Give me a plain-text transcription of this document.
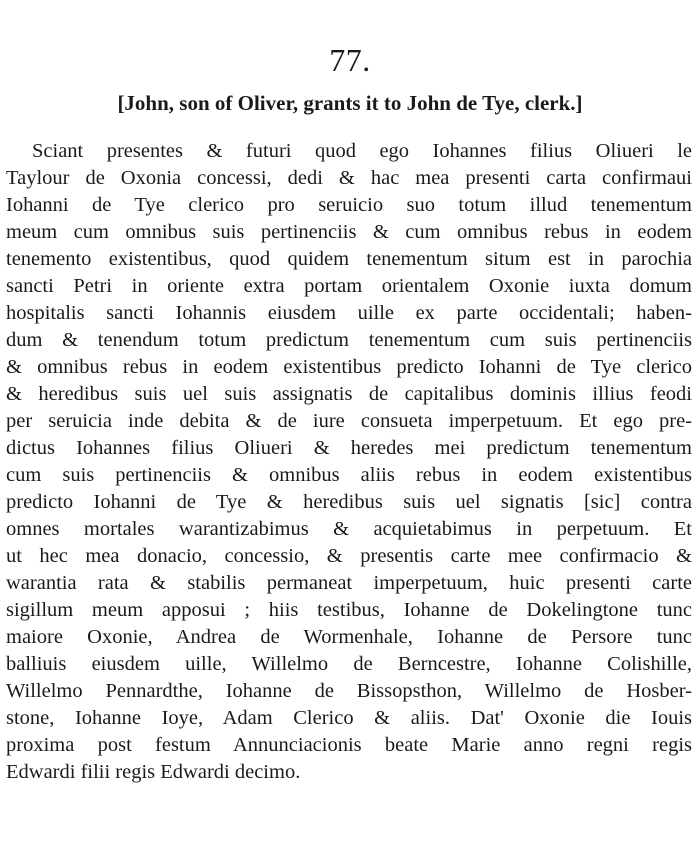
77.
[John, son of Oliver, grants it to John de Tye, clerk.]
Sciant presentes & futuri quod ego Iohannes filius Oliueri le
Taylour de Oxonia concessi, dedi & hac mea presenti carta confirmaui
Iohanni de Tye clerico pro seruicio suo totum illud tenementum
meum cum omnibus suis pertinenciis & cum omnibus rebus in eodem
tenemento existentibus, quod quidem tenementum situm est in parochia
sancti Petri in oriente extra portam orientalem Oxonie iuxta domum
hospitalis sancti Iohannis eiusdem uille ex parte occidentali; haben-
dum & tenendum totum predictum tenementum cum suis pertinenciis
& omnibus rebus in eodem existentibus predicto Iohanni de Tye clerico
& heredibus suis uel suis assignatis de capitalibus dominis illius feodi
per seruicia inde debita & de iure consueta imperpetuum. Et ego pre-
dictus Iohannes filius Oliueri & heredes mei predictum tenementum
cum suis pertinenciis & omnibus aliis rebus in eodem existentibus
predicto Iohanni de Tye & heredibus suis uel signatis [sic] contra
omnes mortales warantizabimus & acquietabimus in perpetuum. Et
ut hec mea donacio, concessio, & presentis carte mee confirmacio &
warantia rata & stabilis permaneat imperpetuum, huic presenti carte
sigillum meum apposui ; hiis testibus, Iohanne de Dokelingtone tunc
maiore Oxonie, Andrea de Wormenhale, Iohanne de Persore tunc
balliuis eiusdem uille, Willelmo de Berncestre, Iohanne Colishille,
Willelmo Pennardthe, Iohanne de Bissopsthon, Willelmo de Hosber-
stone, Iohanne Ioye, Adam Clerico & aliis. Dat' Oxonie die Iouis
proxima post festum Annunciacionis beate Marie anno regni regis
Edwardi filii regis Edwardi decimo.
